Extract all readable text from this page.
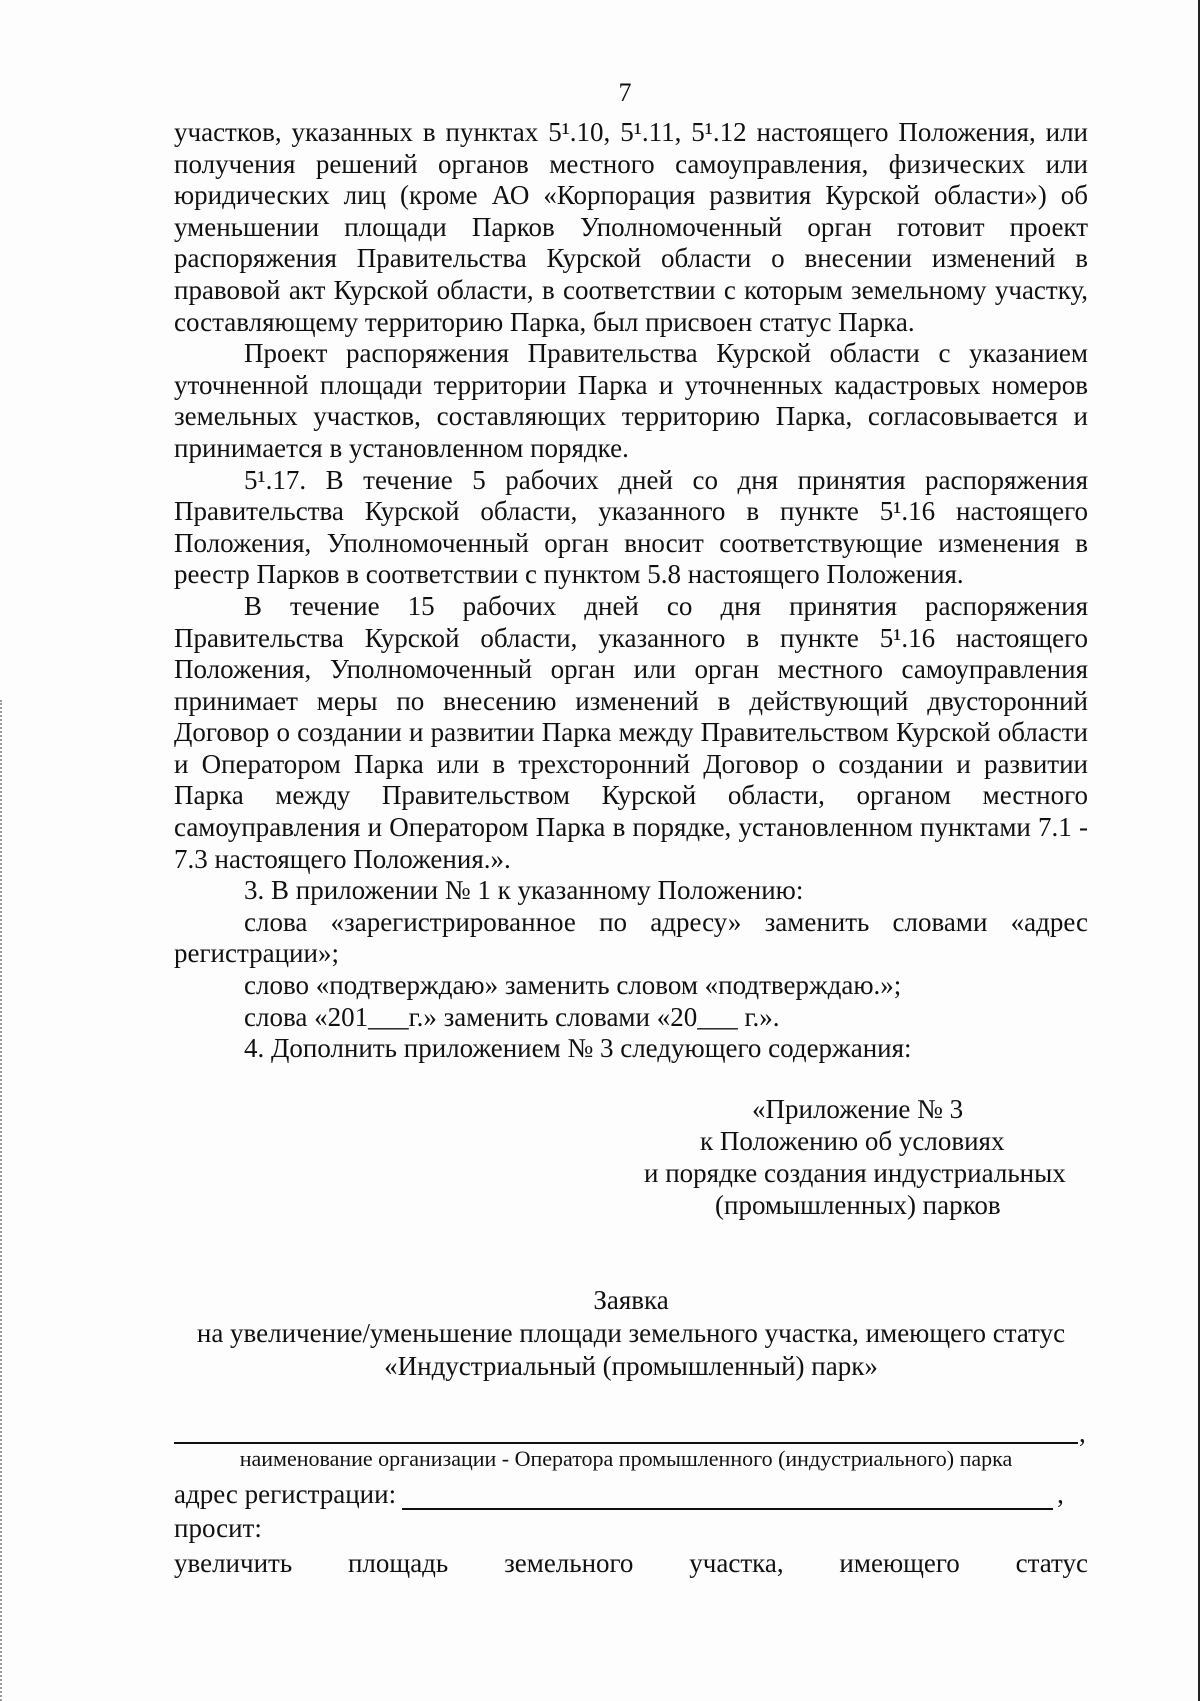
7

участков, указанных в пунктах 5¹.10, 5¹.11, 5¹.12 настоящего Положения, или получения решений органов местного самоуправления, физических или юридических лиц (кроме АО «Корпорация развития Курской области») об уменьшении площади Парков Уполномоченный орган готовит проект распоряжения Правительства Курской области о внесении изменений в правовой акт Курской области, в соответствии с которым земельному участку, составляющему территорию Парка, был присвоен статус Парка.

Проект распоряжения Правительства Курской области с указанием уточненной площади территории Парка и уточненных кадастровых номеров земельных участков, составляющих территорию Парка, согласовывается и принимается в установленном порядке.

5¹.17. В течение 5 рабочих дней со дня принятия распоряжения Правительства Курской области, указанного в пункте 5¹.16 настоящего Положения, Уполномоченный орган вносит соответствующие изменения в реестр Парков в соответствии с пунктом 5.8 настоящего Положения.

В течение 15 рабочих дней со дня принятия распоряжения Правительства Курской области, указанного в пункте 5¹.16 настоящего Положения, Уполномоченный орган или орган местного самоуправления принимает меры по внесению изменений в действующий двусторонний Договор о создании и развитии Парка между Правительством Курской области и Оператором Парка или в трехсторонний Договор о создании и развитии Парка между Правительством Курской области, органом местного самоуправления и Оператором Парка в порядке, установленном пунктами 7.1 - 7.3 настоящего Положения.».

3. В приложении № 1 к указанному Положению:

слова «зарегистрированное по адресу» заменить словами «адрес регистрации»;

слово «подтверждаю» заменить словом «подтверждаю.»;

слова «201___г.» заменить словами «20___ г.».

4. Дополнить приложением № 3 следующего содержания:

«Приложение № 3
к Положению об условиях
и порядке создания индустриальных
(промышленных) парков
Заявка
на увеличение/уменьшение площади земельного участка, имеющего статус
«Индустриальный (промышленный) парк»
,
наименование организации - Оператора промышленного (индустриального) парка
адрес регистрации:	,
просит:
увеличить площадь земельного участка, имеющего статус
